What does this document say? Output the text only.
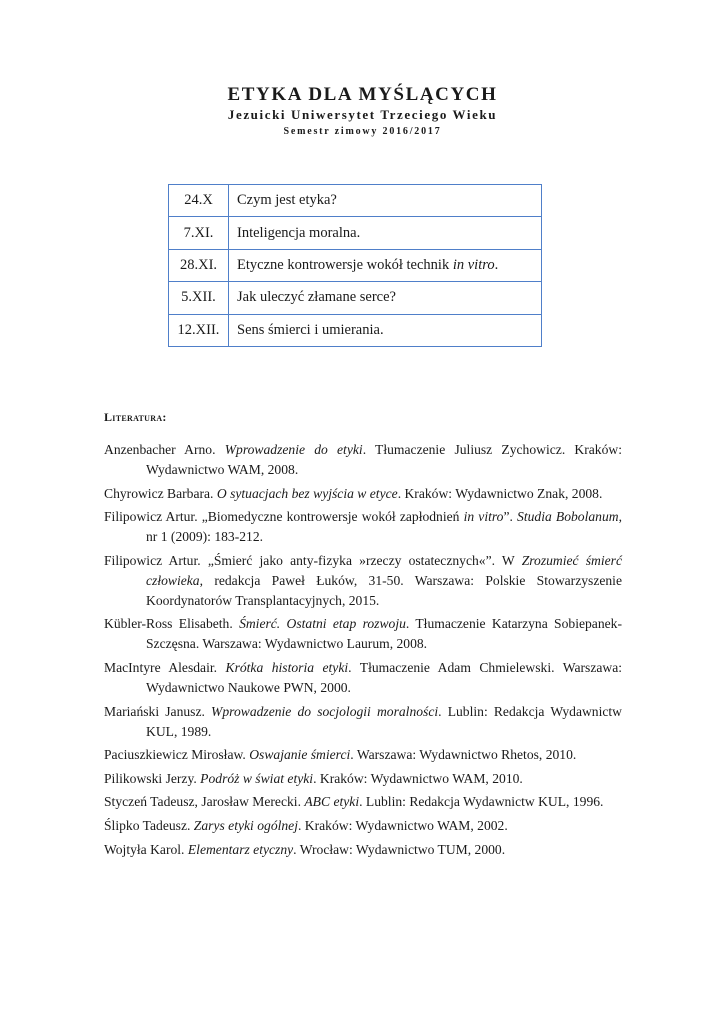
ETYKA DLA MYŚLĄCYCH
Jezuicki Uniwersytet Trzeciego Wieku
Semestr zimowy 2016/2017
24.X	Czym jest etyka?
7.XI.	Inteligencja moralna.
28.XI.	Etyczne kontrowersje wokół technik in vitro.
5.XII.	Jak uleczyć złamane serce?
12.XII.	Sens śmierci i umierania.
Literatura:
Anzenbacher Arno. Wprowadzenie do etyki. Tłumaczenie Juliusz Zychowicz. Kraków: Wydawnictwo WAM, 2008.
Chyrowicz Barbara. O sytuacjach bez wyjścia w etyce. Kraków: Wydawnictwo Znak, 2008.
Filipowicz Artur. „Biomedyczne kontrowersje wokół zapłodnień in vitro”. Studia Bobolanum, nr 1 (2009): 183-212.
Filipowicz Artur. „Śmierć jako anty-fizyka »rzeczy ostatecznych«”. W Zrozumieć śmierć człowieka, redakcja Paweł Łuków, 31-50. Warszawa: Polskie Stowarzyszenie Koordynatorów Transplantacyjnych, 2015.
Kübler-Ross Elisabeth. Śmierć. Ostatni etap rozwoju. Tłumaczenie Katarzyna Sobiepanek-Szczęsna. Warszawa: Wydawnictwo Laurum, 2008.
MacIntyre Alesdair. Krótka historia etyki. Tłumaczenie Adam Chmielewski. Warszawa: Wydawnictwo Naukowe PWN, 2000.
Mariański Janusz. Wprowadzenie do socjologii moralności. Lublin: Redakcja Wydawnictw KUL, 1989.
Paciuszkiewicz Mirosław. Oswajanie śmierci. Warszawa: Wydawnictwo Rhetos, 2010.
Pilikowski Jerzy. Podróż w świat etyki. Kraków: Wydawnictwo WAM, 2010.
Styczeń Tadeusz, Jarosław Merecki. ABC etyki. Lublin: Redakcja Wydawnictw KUL, 1996.
Ślipko Tadeusz. Zarys etyki ogólnej. Kraków: Wydawnictwo WAM, 2002.
Wojtyła Karol. Elementarz etyczny. Wrocław: Wydawnictwo TUM, 2000.
